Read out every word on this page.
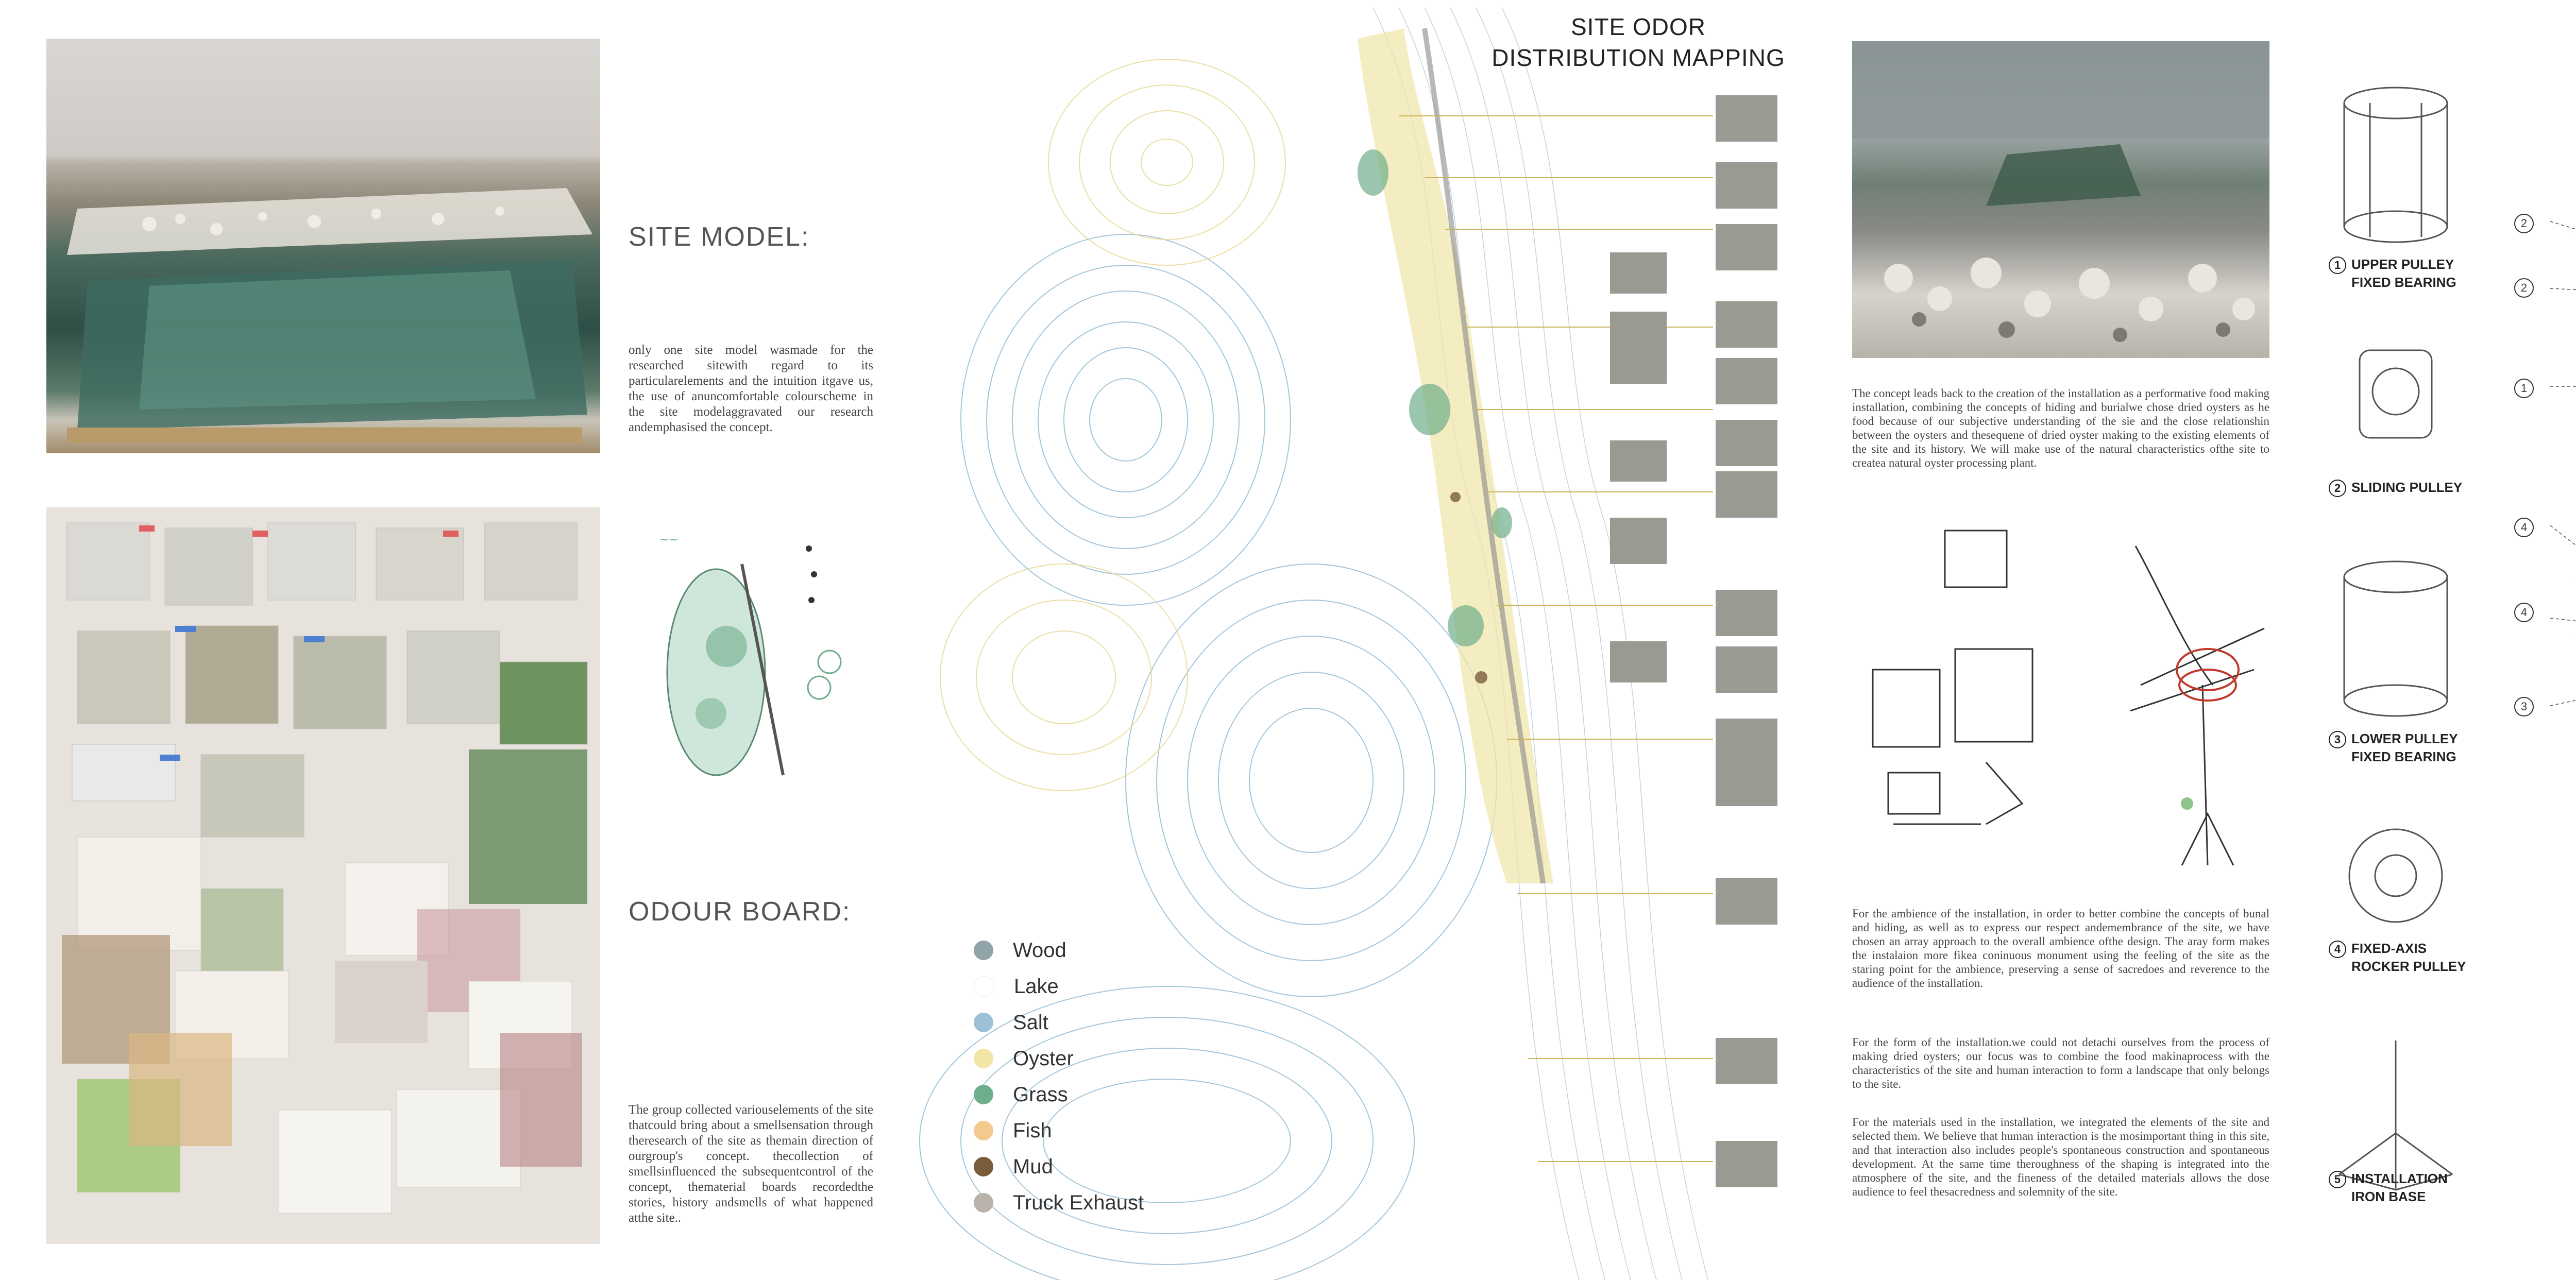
SITE MODEL:
only one site model wasmade for the researched sitewith regard to its particularelements and the intuition itgave us, the use of anuncomfortable colourscheme in the site modelaggravated our research andemphasised the concept.
~~
ODOUR BOARD:
The group collected variouselements of the site thatcould bring about a smellsensation through theresearch of the site as themain direction of ourgroup's concept. thecollection of smellsinfluenced the subsequentcontrol of the concept, thematerial boards recordedthe stories, history andsmells of what happened atthe site..
SITE ODOR
DISTRIBUTION MAPPING
Wood
Lake
Salt
Oyster
Grass
Fish
Mud
Truck Exhaust
The concept leads back to the creation of the installation as a performative food making installation, combining the concepts of hiding and burialwe chose dried oysters as he food because of our subjective understanding of the sie and the close relationshin between the oysters and thesequene of dried oyster making to the existing elements of the site and its history. We will make use of the natural characteristics ofthe site to createa natural oyster processing plant.
For the ambience of the installation, in order to better combine the concepts of bunal and hiding, as well as to express our respect andemembrance of the site, we have chosen an array approach to the overall ambience ofthe design. The aray form makes the instalaion more fikea coninuous monument using the feeling of the site as the staring point for the ambience, preserving a sense of sacredoes and reverence to the audience of the installation.
For the form of the installation.we could not detachi ourselves from the process of making dried oysters; our focus was to combine the food makinaprocess with the characteristics of the site and human interaction to form a landscape that only belongs to the site.
For the materials used in the installation, we integrated the elements of the site and selected them. We believe that human interaction is the mosimportant thing in this site, and that interaction also includes people's spontaneous construction and spontaneous development. At the same time theroughness of the shaping is integrated into the atmosphere of the site, and the fineness of the detailed materials allows the dose audience to feel thesacredness and solemnity of the site.
1 UPPER PULLEY
FIXED BEARING
2 SLIDING PULLEY
3 LOWER PULLEY
FIXED BEARING
4 FIXED-AXIS
ROCKER PULLEY
5 INSTALLATION
IRON BASE
2
2
1
4
4
3
